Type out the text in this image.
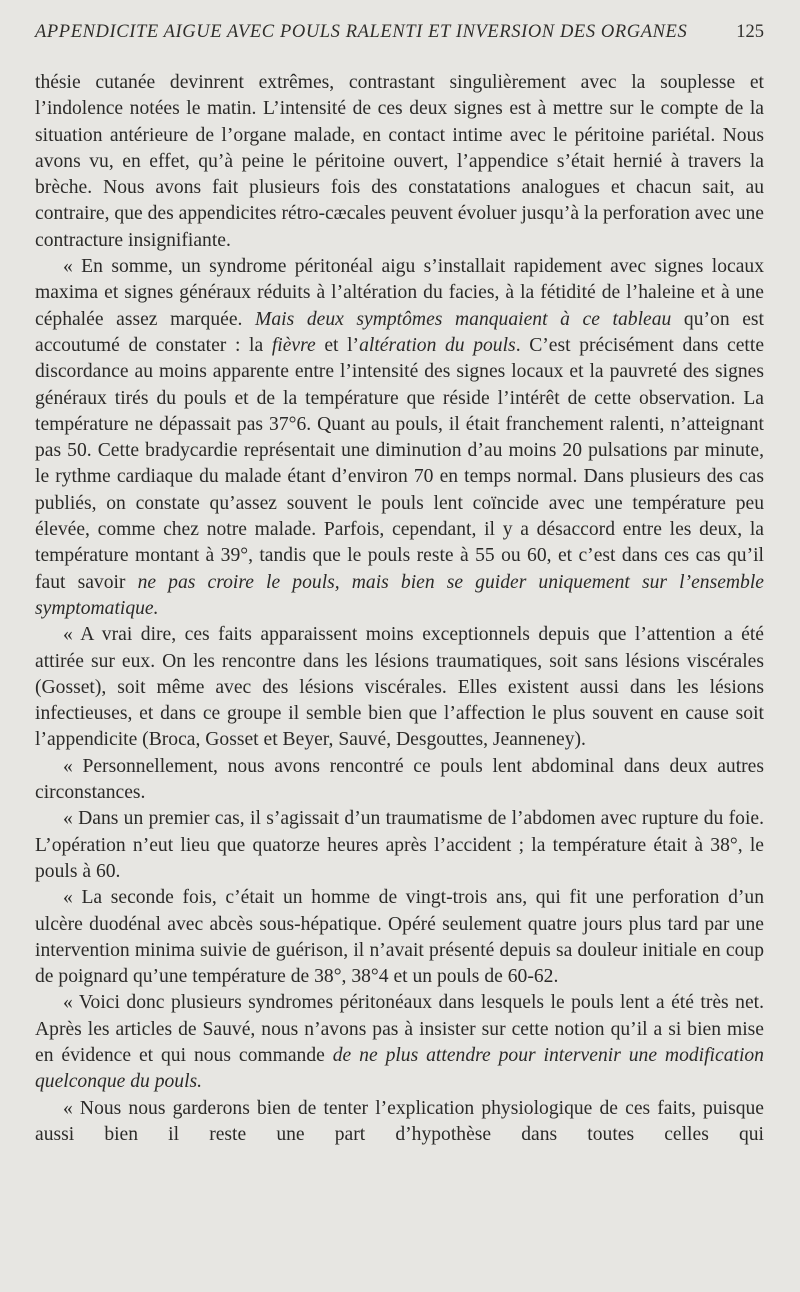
APPENDICITE AIGUE AVEC POULS RALENTI ET INVERSION DES ORGANES	125

thésie cutanée devinrent extrêmes, contrastant singulièrement avec la souplesse et l’indolence notées le matin. L’intensité de ces deux signes est à mettre sur le compte de la situation antérieure de l’organe malade, en contact intime avec le péritoine pariétal. Nous avons vu, en effet, qu’à peine le péritoine ouvert, l’appendice s’était hernié à travers la brèche. Nous avons fait plusieurs fois des constatations analogues et chacun sait, au contraire, que des appendicites rétro-cæcales peuvent évoluer jusqu’à la perforation avec une contracture insignifiante.

« En somme, un syndrome péritonéal aigu s’installait rapidement avec signes locaux maxima et signes généraux réduits à l’altération du facies, à la fétidité de l’haleine et à une céphalée assez marquée. Mais deux symptômes manquaient à ce tableau qu’on est accoutumé de constater : la fièvre et l’altération du pouls. C’est précisément dans cette discordance au moins apparente entre l’intensité des signes locaux et la pauvreté des signes généraux tirés du pouls et de la température que réside l’intérêt de cette observation. La température ne dépassait pas 37°6. Quant au pouls, il était franchement ralenti, n’atteignant pas 50. Cette bradycardie représentait une diminution d’au moins 20 pulsations par minute, le rythme cardiaque du malade étant d’environ 70 en temps normal. Dans plusieurs des cas publiés, on constate qu’assez souvent le pouls lent coïncide avec une température peu élevée, comme chez notre malade. Parfois, cependant, il y a désaccord entre les deux, la température montant à 39°, tandis que le pouls reste à 55 ou 60, et c’est dans ces cas qu’il faut savoir ne pas croire le pouls, mais bien se guider uniquement sur l’ensemble symptomatique.

« A vrai dire, ces faits apparaissent moins exceptionnels depuis que l’attention a été attirée sur eux. On les rencontre dans les lésions traumatiques, soit sans lésions viscérales (Gosset), soit même avec des lésions viscérales. Elles existent aussi dans les lésions infectieuses, et dans ce groupe il semble bien que l’affection le plus souvent en cause soit l’appendicite (Broca, Gosset et Beyer, Sauvé, Desgouttes, Jeanneney).

« Personnellement, nous avons rencontré ce pouls lent abdominal dans deux autres circonstances.

« Dans un premier cas, il s’agissait d’un traumatisme de l’abdomen avec rupture du foie. L’opération n’eut lieu que quatorze heures après l’accident ; la température était à 38°, le pouls à 60.

« La seconde fois, c’était un homme de vingt-trois ans, qui fit une perforation d’un ulcère duodénal avec abcès sous-hépatique. Opéré seulement quatre jours plus tard par une intervention minima suivie de guérison, il n’avait présenté depuis sa douleur initiale en coup de poignard qu’une température de 38°, 38°4 et un pouls de 60-62.

« Voici donc plusieurs syndromes péritonéaux dans lesquels le pouls lent a été très net. Après les articles de Sauvé, nous n’avons pas à insister sur cette notion qu’il a si bien mise en évidence et qui nous commande de ne plus attendre pour intervenir une modification quelconque du pouls.

« Nous nous garderons bien de tenter l’explication physiologique de ces faits, puisque aussi bien il reste une part d’hypothèse dans toutes celles qui
